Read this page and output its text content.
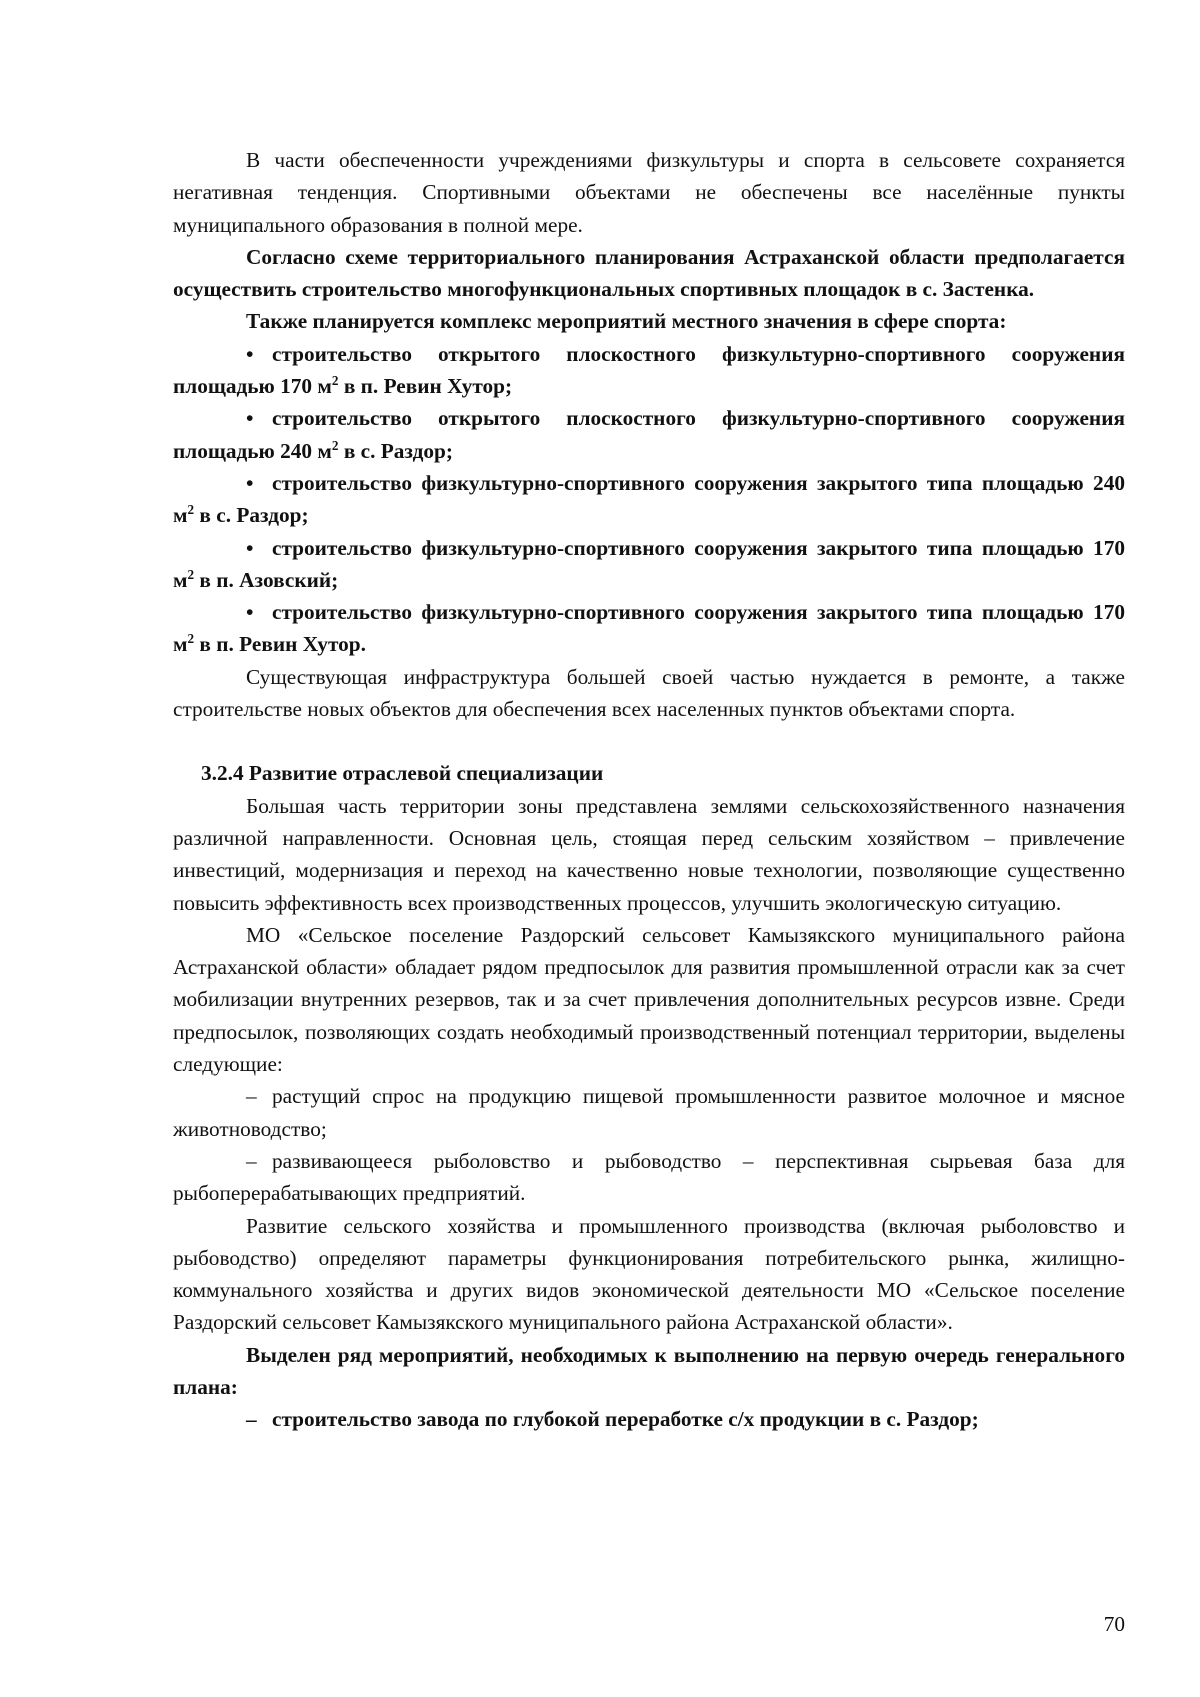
В части обеспеченности учреждениями физкультуры и спорта в сельсовете сохраняется негативная тенденция. Спортивными объектами не обеспечены все населённые пункты муниципального образования в полной мере.

Согласно схеме территориального планирования Астраханской области предполагается осуществить строительство многофункциональных спортивных площадок в с. Застенка.

Также планируется комплекс мероприятий местного значения в сфере спорта:

• строительство открытого плоскостного физкультурно-спортивного сооружения площадью 170 $м^2$ в п. Ревин Хутор;

• строительство открытого плоскостного физкультурно-спортивного сооружения площадью 240 $м^2$ в с. Раздор;

• строительство физкультурно-спортивного сооружения закрытого типа площадью 240 $м^2$ в с. Раздор;

• строительство физкультурно-спортивного сооружения закрытого типа площадью 170 $м^2$ в п. Азовский;

• строительство физкультурно-спортивного сооружения закрытого типа площадью 170 $м^2$ в п. Ревин Хутор.

Существующая инфраструктура большей своей частью нуждается в ремонте, а также строительстве новых объектов для обеспечения всех населенных пунктов объектами спорта.

3.2.4 Развитие отраслевой специализации

Большая часть территории зоны представлена землями сельскохозяйственного назначения различной направленности. Основная цель, стоящая перед сельским хозяйством – привлечение инвестиций, модернизация и переход на качественно новые технологии, позволяющие существенно повысить эффективность всех производственных процессов, улучшить экологическую ситуацию.

МО «Сельское поселение Раздорский сельсовет Камызякского муниципального района Астраханской области» обладает рядом предпосылок для развития промышленной отрасли как за счет мобилизации внутренних резервов, так и за счет привлечения дополнительных ресурсов извне. Среди предпосылок, позволяющих создать необходимый производственный потенциал территории, выделены следующие:

– растущий спрос на продукцию пищевой промышленности развитое молочное и мясное животноводство;

– развивающееся рыболовство и рыбоводство – перспективная сырьевая база для рыбоперерабатывающих предприятий.

Развитие сельского хозяйства и промышленного производства (включая рыболовство и рыбоводство) определяют параметры функционирования потребительского рынка, жилищно-коммунального хозяйства и других видов экономической деятельности МО «Сельское поселение Раздорский сельсовет Камызякского муниципального района Астраханской области».

Выделен ряд мероприятий, необходимых к выполнению на первую очередь генерального плана:

– строительство завода по глубокой переработке с/х продукции в с. Раздор;

70
